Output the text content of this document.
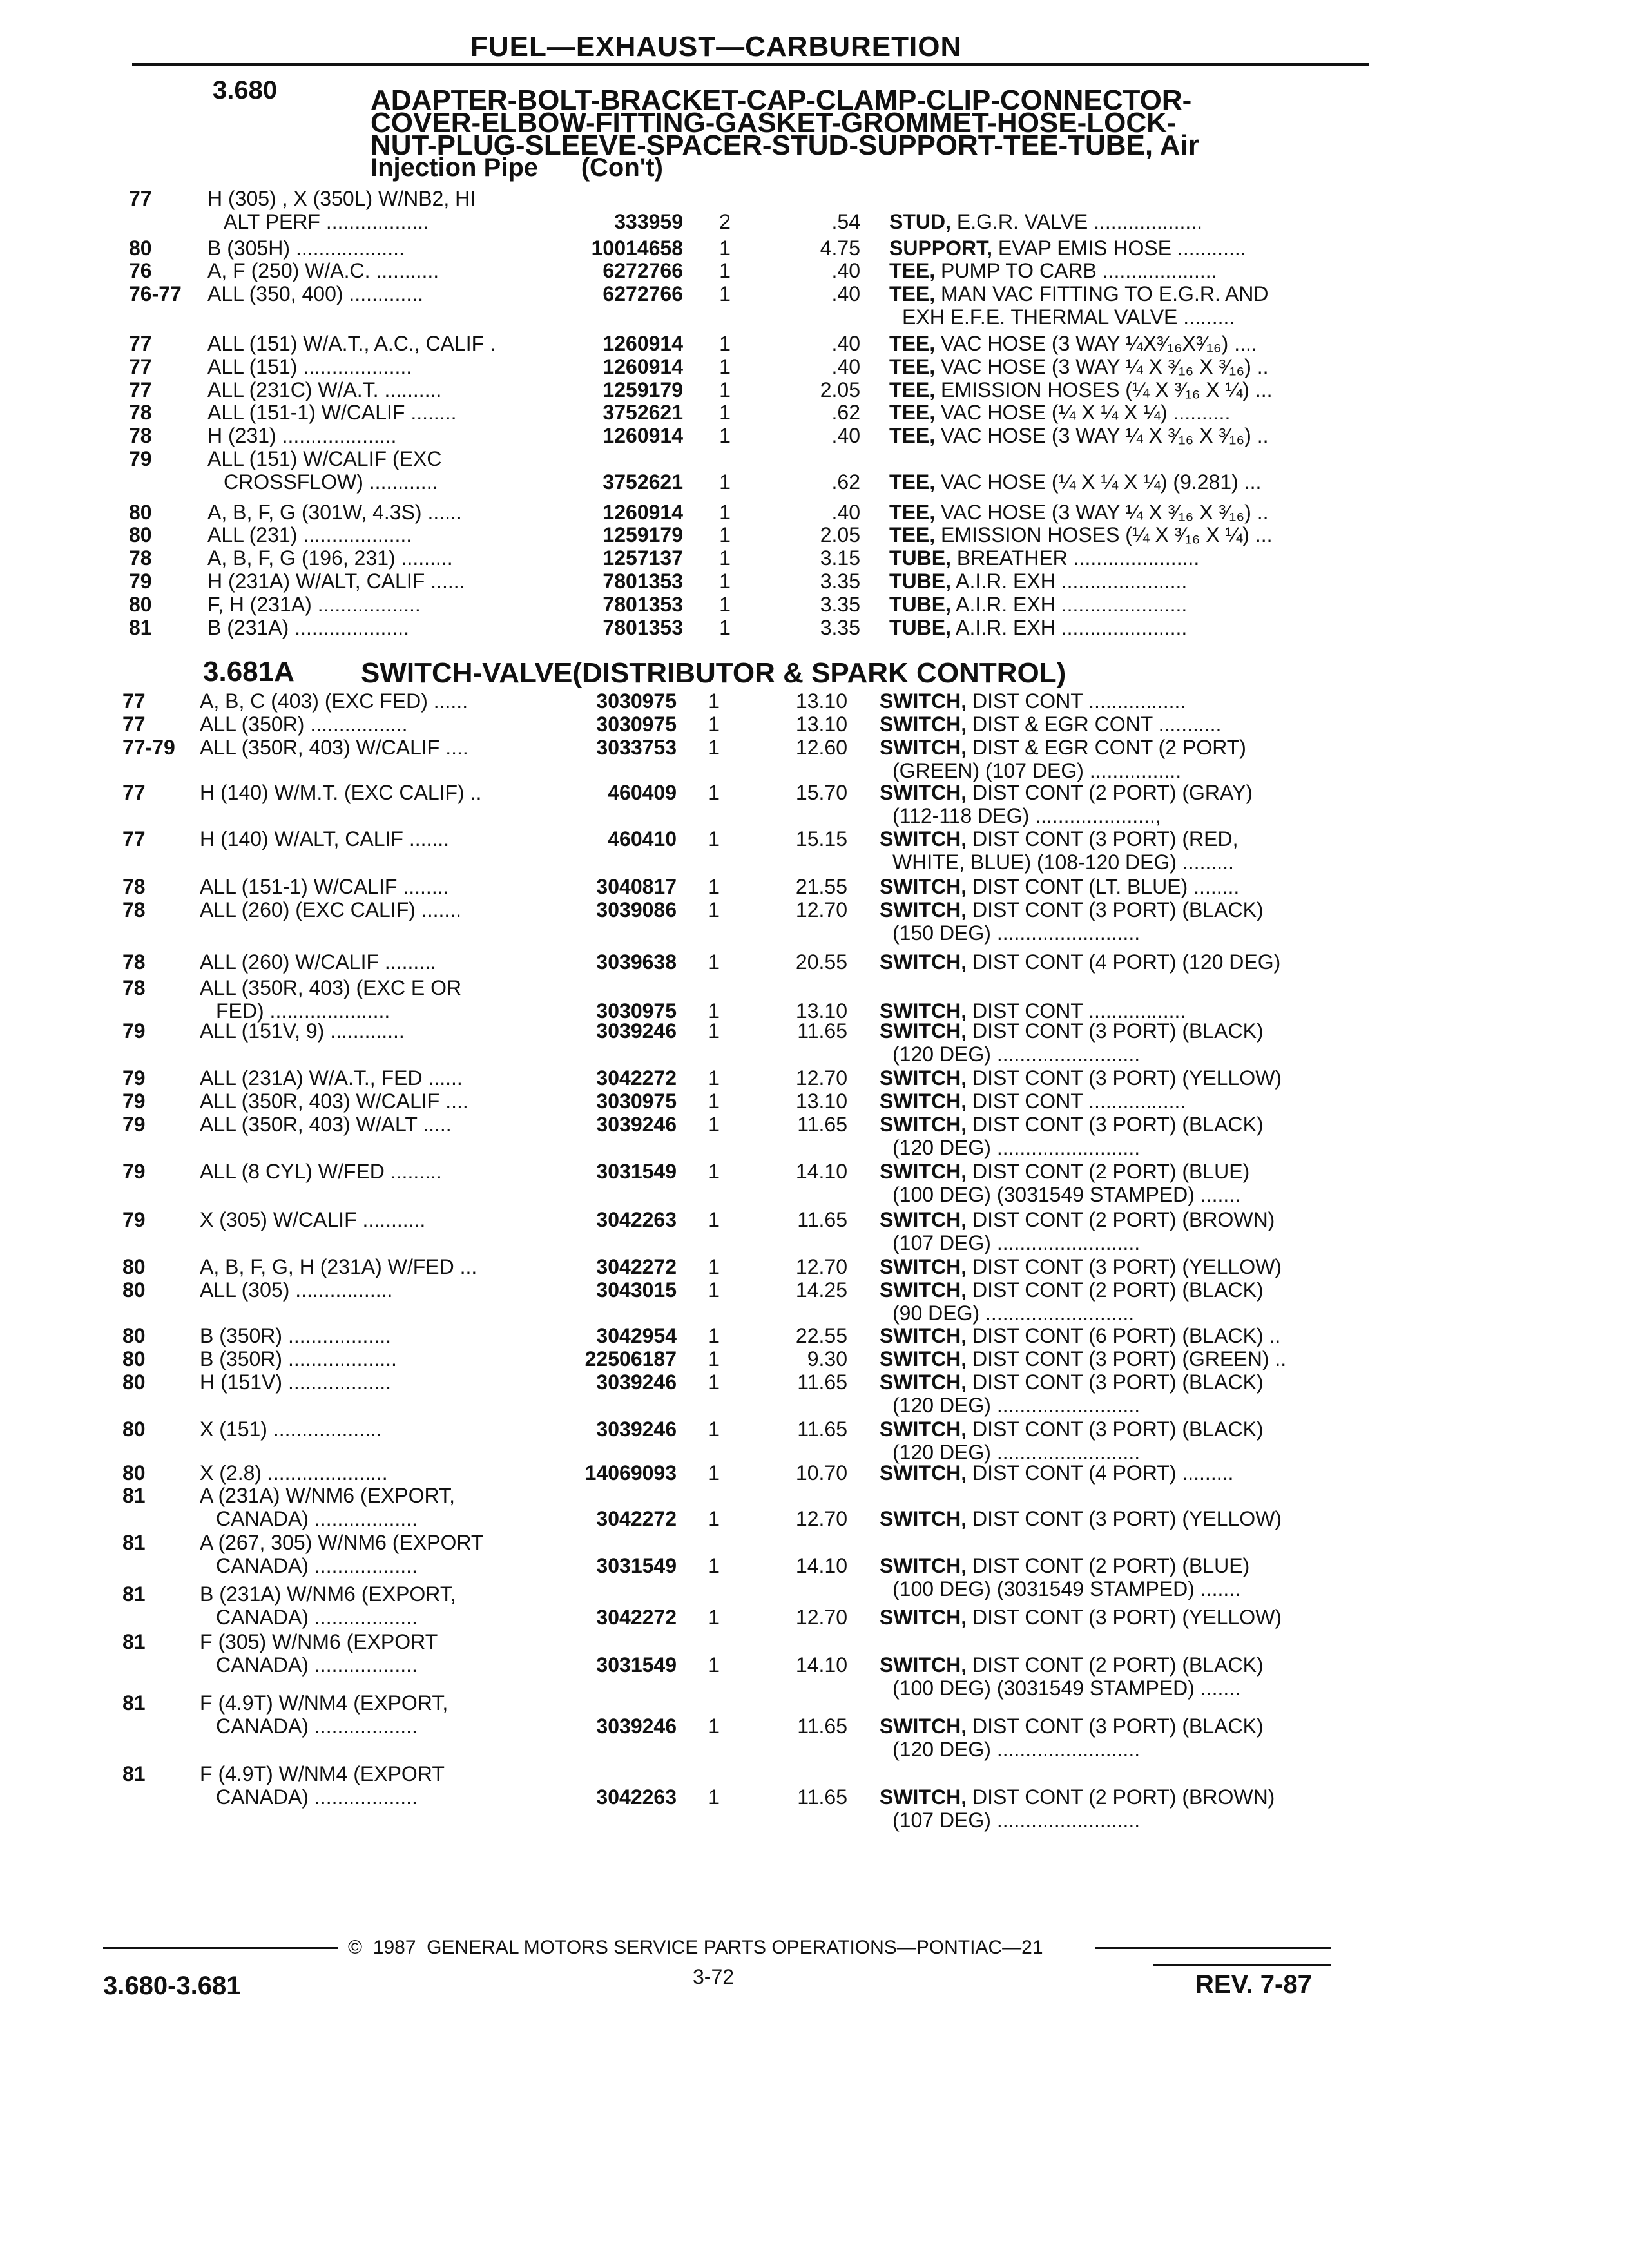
FUEL—EXHAUST—CARBURETION
3.680	ADAPTER-BOLT-BRACKET-CAP-CLAMP-CLIP-CONNECTOR-
COVER-ELBOW-FITTING-GASKET-GROMMET-HOSE-LOCK-
NUT-PLUG-SLEEVE-SPACER-STUD-SUPPORT-TEE-TUBE, Air
Injection Pipe      (Con't)
77	H (305) , X (350L) W/NB2, HI
ALT PERF ..................	333959	2	.54 STUD, E.G.R. VALVE ...................
80	B (305H) ...................	10014658	1	4.75 SUPPORT, EVAP EMIS HOSE ............
76	A, F (250) W/A.C. ...........	6272766	1	.40 TEE, PUMP TO CARB ....................
76-77 ALL (350, 400) .............	6272766	1	.40 TEE, MAN VAC FITTING TO E.G.R. AND
EXH E.F.E. THERMAL VALVE .........
77	ALL (151) W/A.T., A.C., CALIF .	1260914	1	.40 TEE, VAC HOSE (3 WAY ¼X³⁄₁₆X³⁄₁₆) ....
77	ALL (151) ...................	1260914	1	.40 TEE, VAC HOSE (3 WAY ¼ X ³⁄₁₆ X ³⁄₁₆) ..
77	ALL (231C) W/A.T. ..........	1259179	1	2.05 TEE, EMISSION HOSES (¼ X ³⁄₁₆ X ¼) ...
78	ALL (151-1) W/CALIF ........	3752621	1	.62 TEE, VAC HOSE (¼ X ¼ X ¼) ..........
78	H (231) ....................	1260914	1	.40 TEE, VAC HOSE (3 WAY ¼ X ³⁄₁₆ X ³⁄₁₆) ..
79	ALL (151) W/CALIF (EXC
CROSSFLOW) ............	3752621	1	.62 TEE, VAC HOSE (¼ X ¼ X ¼) (9.281) ...
80	A, B, F, G (301W, 4.3S) ......	1260914	1	.40 TEE, VAC HOSE (3 WAY ¼ X ³⁄₁₆ X ³⁄₁₆) ..
80	ALL (231) ...................	1259179	1	2.05 TEE, EMISSION HOSES (¼ X ³⁄₁₆ X ¼) ...
78	A, B, F, G (196, 231) .........	1257137	1	3.15 TUBE, BREATHER ......................
79	H (231A) W/ALT, CALIF ......	7801353	1	3.35 TUBE, A.I.R. EXH ......................
80	F, H (231A) ..................	7801353	1	3.35 TUBE, A.I.R. EXH ......................
81	B (231A) ....................	7801353	1	3.35 TUBE, A.I.R. EXH ......................
3.681A SWITCH-VALVE(DISTRIBUTOR & SPARK CONTROL)
77	A, B, C (403) (EXC FED) ......	3030975	1	13.10 SWITCH, DIST CONT .................
77	ALL (350R) .................	3030975	1	13.10 SWITCH, DIST & EGR CONT ...........
77-79 ALL (350R, 403) W/CALIF ....	3033753	1	12.60 SWITCH, DIST & EGR CONT (2 PORT)
(GREEN) (107 DEG) ................
77	H (140) W/M.T. (EXC CALIF) ..	460409	1	15.70 SWITCH, DIST CONT (2 PORT) (GRAY)
(112-118 DEG) .....................,
77	H (140) W/ALT, CALIF .......	460410	1	15.15 SWITCH, DIST CONT (3 PORT) (RED,
WHITE, BLUE) (108-120 DEG) .........
78	ALL (151-1) W/CALIF ........	3040817	1	21.55 SWITCH, DIST CONT (LT. BLUE) ........
78	ALL (260) (EXC CALIF) .......	3039086	1	12.70 SWITCH, DIST CONT (3 PORT) (BLACK)
(150 DEG) .........................
78	ALL (260) W/CALIF .........	3039638	1	20.55 SWITCH, DIST CONT (4 PORT) (120 DEG)
78	ALL (350R, 403) (EXC E OR
FED) .....................	3030975	1	13.10 SWITCH, DIST CONT .................
79	ALL (151V, 9) .............	3039246	1	11.65 SWITCH, DIST CONT (3 PORT) (BLACK)
(120 DEG) .........................
79	ALL (231A) W/A.T., FED ......	3042272	1	12.70 SWITCH, DIST CONT (3 PORT) (YELLOW)
79	ALL (350R, 403) W/CALIF ....	3030975	1	13.10 SWITCH, DIST CONT .................
79	ALL (350R, 403) W/ALT .....	3039246	1	11.65 SWITCH, DIST CONT (3 PORT) (BLACK)
(120 DEG) .........................
79	ALL (8 CYL) W/FED .........	3031549	1	14.10 SWITCH, DIST CONT (2 PORT) (BLUE)
(100 DEG) (3031549 STAMPED) .......
79	X (305) W/CALIF ...........	3042263	1	11.65 SWITCH, DIST CONT (2 PORT) (BROWN)
(107 DEG) .........................
80	A, B, F, G, H (231A) W/FED ...	3042272	1	12.70 SWITCH, DIST CONT (3 PORT) (YELLOW)
80	ALL (305) .................	3043015	1	14.25 SWITCH, DIST CONT (2 PORT) (BLACK)
(90 DEG) ..........................
80	B (350R) ..................	3042954	1	22.55 SWITCH, DIST CONT (6 PORT) (BLACK) ..
80	B (350R) ...................	22506187	1	9.30 SWITCH, DIST CONT (3 PORT) (GREEN) ..
80	H (151V) ..................	3039246	1	11.65 SWITCH, DIST CONT (3 PORT) (BLACK)
(120 DEG) .........................
80	X (151) ...................	3039246	1	11.65 SWITCH, DIST CONT (3 PORT) (BLACK)
(120 DEG) .........................
80	X (2.8) .....................	14069093	1	10.70 SWITCH, DIST CONT (4 PORT) .........
81	A (231A) W/NM6 (EXPORT,
CANADA) ..................	3042272	1	12.70 SWITCH, DIST CONT (3 PORT) (YELLOW)
81	A (267, 305) W/NM6 (EXPORT
CANADA) ..................	3031549	1	14.10 SWITCH, DIST CONT (2 PORT) (BLUE)
(100 DEG) (3031549 STAMPED) .......
81	B (231A) W/NM6 (EXPORT,
CANADA) ..................	3042272	1	12.70 SWITCH, DIST CONT (3 PORT) (YELLOW)
81	F (305) W/NM6 (EXPORT
CANADA) ..................	3031549	1	14.10 SWITCH, DIST CONT (2 PORT) (BLACK)
(100 DEG) (3031549 STAMPED) .......
81	F (4.9T) W/NM4 (EXPORT,
CANADA) ..................	3039246	1	11.65 SWITCH, DIST CONT (3 PORT) (BLACK)
(120 DEG) .........................
81	F (4.9T) W/NM4 (EXPORT
CANADA) ..................	3042263	1	11.65 SWITCH, DIST CONT (2 PORT) (BROWN)
(107 DEG) .........................
©  1987  GENERAL MOTORS SERVICE PARTS OPERATIONS—PONTIAC—21
3.680-3.681	3-72	REV. 7-87
